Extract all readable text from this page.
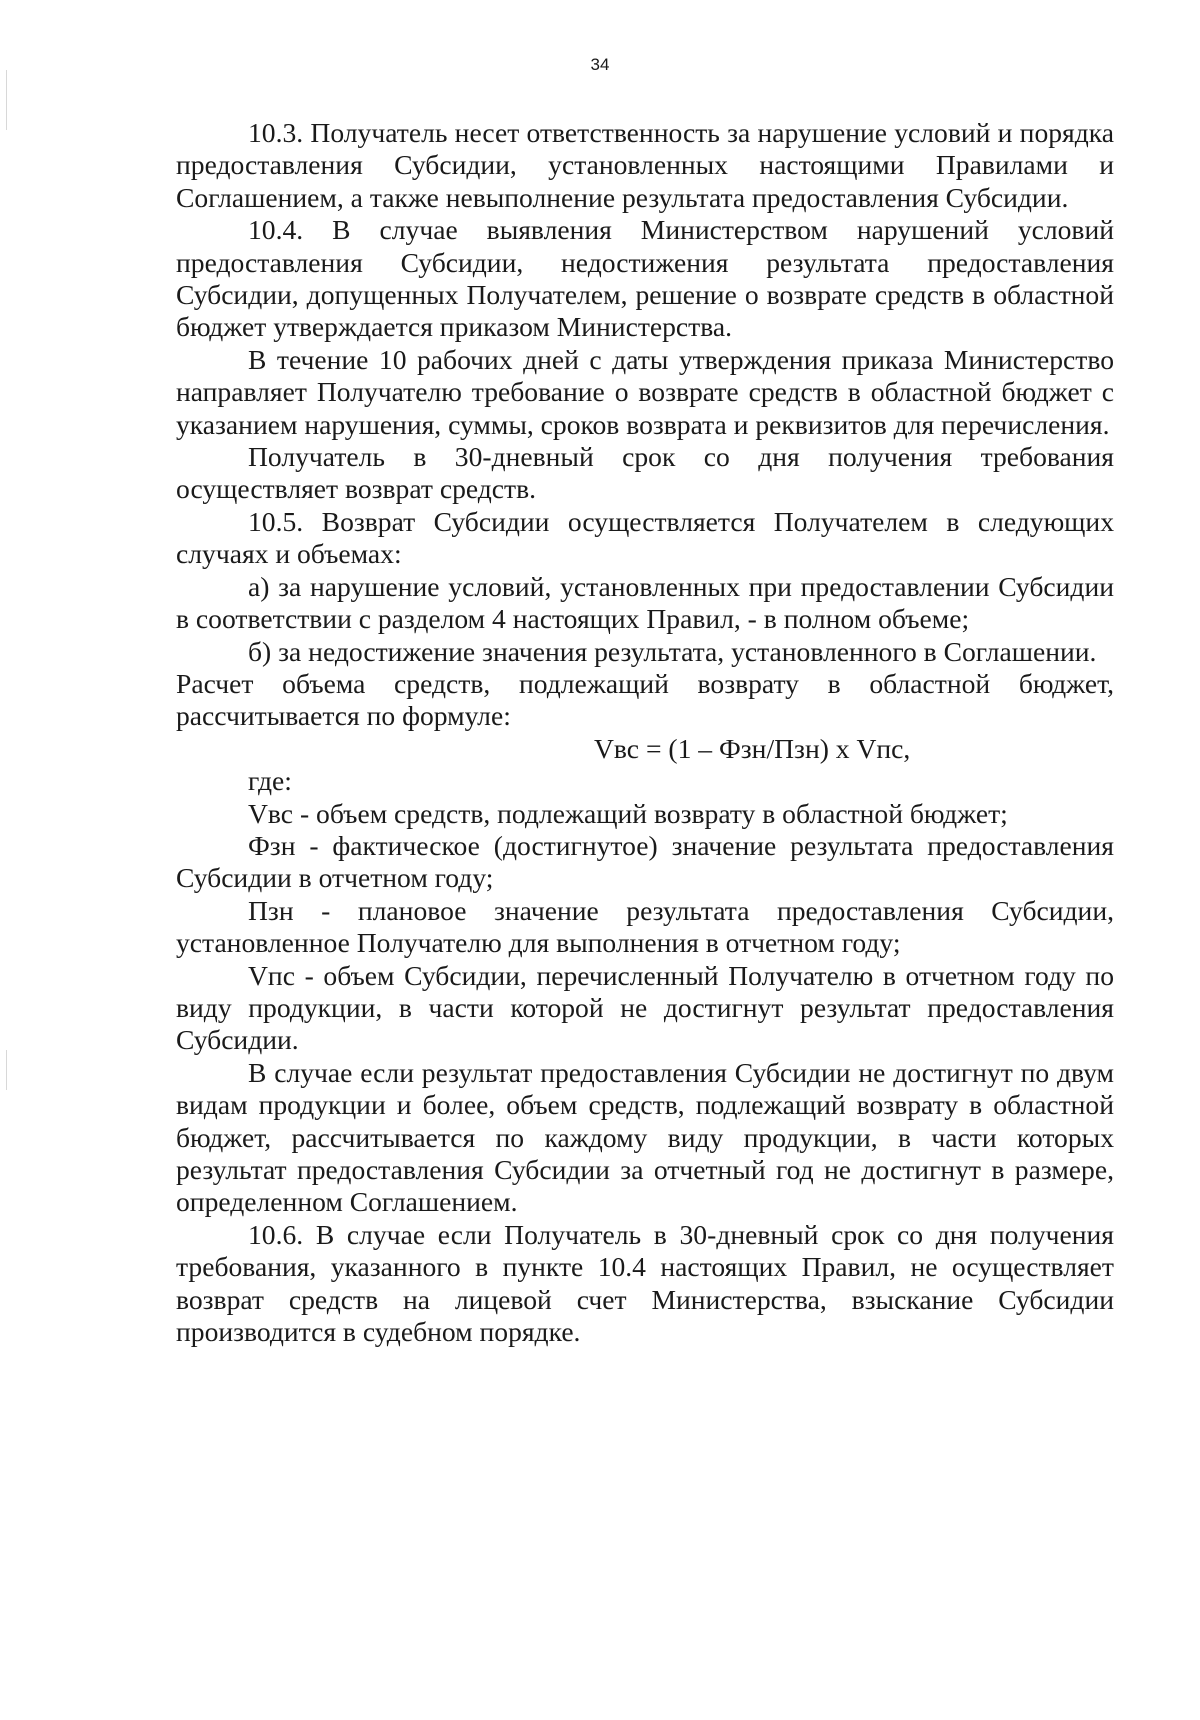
34

10.3. Получатель несет ответственность за нарушение условий и порядка предоставления Субсидии, установленных настоящими Правилами и Соглашением, а также невыполнение результата предоставления Субсидии.

10.4. В случае выявления Министерством нарушений условий предоставления Субсидии, недостижения результата предоставления Субсидии, допущенных Получателем, решение о возврате средств в областной бюджет утверждается приказом Министерства.

В течение 10 рабочих дней с даты утверждения приказа Министерство направляет Получателю требование о возврате средств в областной бюджет с указанием нарушения, суммы, сроков возврата и реквизитов для перечисления.

Получатель в 30-дневный срок со дня получения требования осуществляет возврат средств.

10.5. Возврат Субсидии осуществляется Получателем в следующих случаях и объемах:

а) за нарушение условий, установленных при предоставлении Субсидии в соответствии с разделом 4 настоящих Правил, - в полном объеме;

б) за недостижение значения результата, установленного в Соглашении.

Расчет объема средств, подлежащий возврату в областной бюджет, рассчитывается по формуле:

Vвс = (1 – Фзн/Пзн) х Vпс,

где:

Vвс - объем средств, подлежащий возврату в областной бюджет;

Фзн - фактическое (достигнутое) значение результата предоставления Субсидии в отчетном году;

Пзн - плановое значение результата предоставления Субсидии, установленное Получателю для выполнения в отчетном году;

Vпс - объем Субсидии, перечисленный Получателю в отчетном году по виду продукции, в части которой не достигнут результат предоставления Субсидии.

В случае если результат предоставления Субсидии не достигнут по двум видам продукции и более, объем средств, подлежащий возврату в областной бюджет, рассчитывается по каждому виду продукции, в части которых результат предоставления Субсидии за отчетный год не достигнут в размере, определенном Соглашением.

10.6. В случае если Получатель в 30-дневный срок со дня получения требования, указанного в пункте 10.4 настоящих Правил, не осуществляет возврат средств на лицевой счет Министерства, взыскание Субсидии производится в судебном порядке.
